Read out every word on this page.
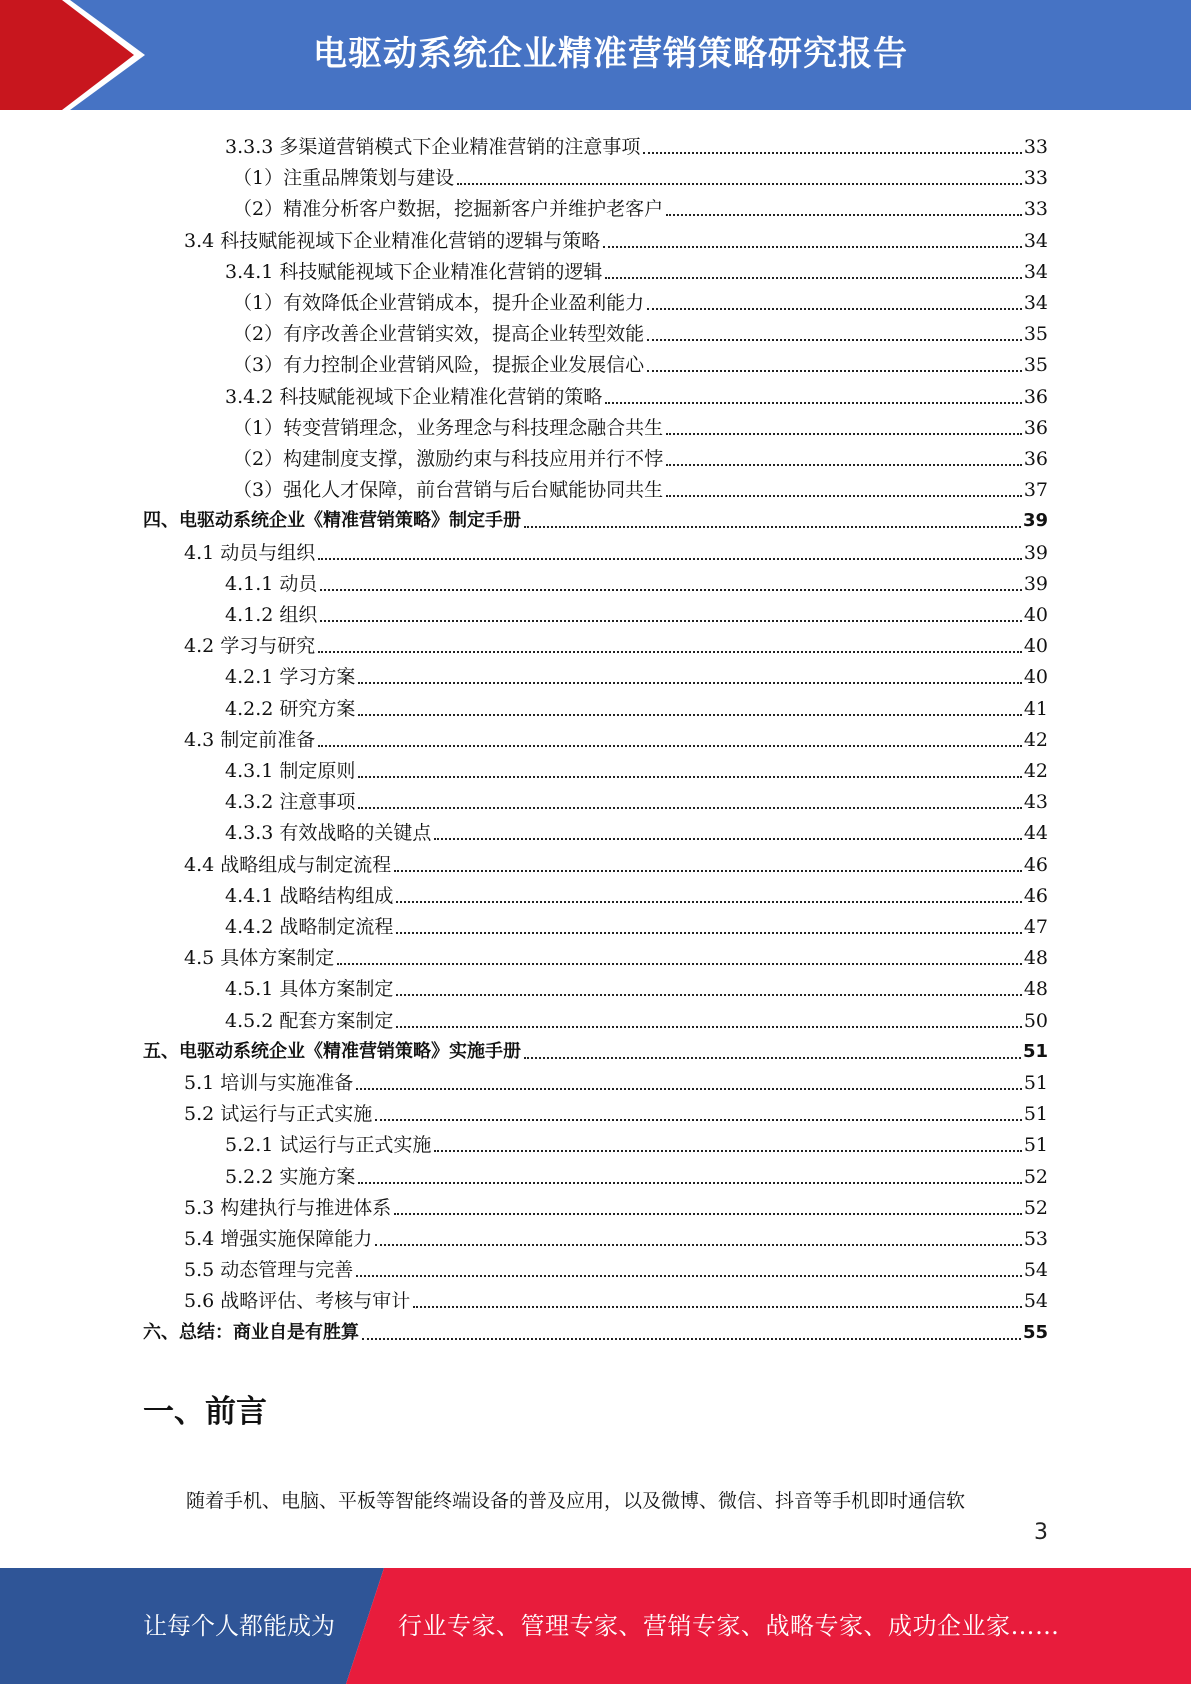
电驱动系统企业精准营销策略研究报告
3.3.3 多渠道营销模式下企业精准营销的注意事项	33
（1）注重品牌策划与建设	33
（2）精准分析客户数据，挖掘新客户并维护老客户	33
3.4 科技赋能视域下企业精准化营销的逻辑与策略	34
3.4.1 科技赋能视域下企业精准化营销的逻辑	34
（1）有效降低企业营销成本，提升企业盈利能力	34
（2）有序改善企业营销实效，提高企业转型效能	35
（3）有力控制企业营销风险，提振企业发展信心	35
3.4.2 科技赋能视域下企业精准化营销的策略	36
（1）转变营销理念，业务理念与科技理念融合共生	36
（2）构建制度支撑，激励约束与科技应用并行不悖	36
（3）强化人才保障，前台营销与后台赋能协同共生	37
四、电驱动系统企业《精准营销策略》制定手册	39
4.1 动员与组织	39
4.1.1 动员	39
4.1.2 组织	40
4.2 学习与研究	40
4.2.1 学习方案	40
4.2.2 研究方案	41
4.3 制定前准备	42
4.3.1 制定原则	42
4.3.2 注意事项	43
4.3.3 有效战略的关键点	44
4.4 战略组成与制定流程	46
4.4.1 战略结构组成	46
4.4.2 战略制定流程	47
4.5 具体方案制定	48
4.5.1 具体方案制定	48
4.5.2 配套方案制定	50
五、电驱动系统企业《精准营销策略》实施手册	51
5.1 培训与实施准备	51
5.2 试运行与正式实施	51
5.2.1 试运行与正式实施	51
5.2.2 实施方案	52
5.3 构建执行与推进体系	52
5.4 增强实施保障能力	53
5.5 动态管理与完善	54
5.6 战略评估、考核与审计	54
六、总结：商业自是有胜算	55
一、前言
随着手机、电脑、平板等智能终端设备的普及应用，以及微博、微信、抖音等手机即时通信软
3
让每个人都能成为	行业专家、管理专家、营销专家、战略专家、成功企业家……
